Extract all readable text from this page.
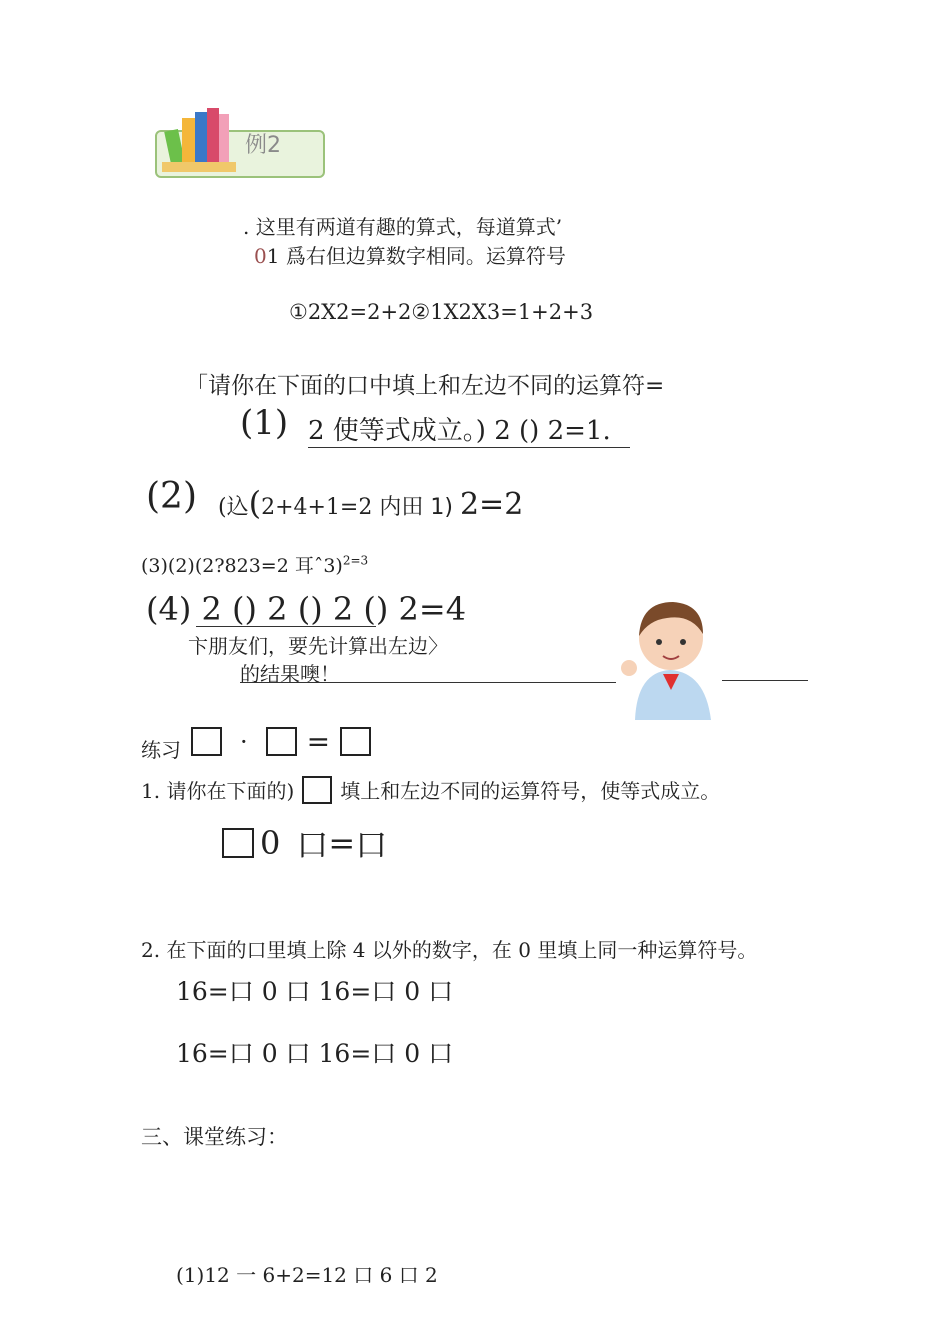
例2
. 这里有两道有趣的算式，每道算式’
01 爲右但边算数字相同。运算符号
①2X2=2+2②1X2X3=1+2+3
「请你在下面的口中填上和左边不同的运算符=
(1) 2 使等式成立。) 2 () 2=1.
(2) (込(2+4+1=2 内田 1) 2=2
(3)(2)(2?823=2 耳ˆ3)$^{2=3}$
(4) 2 () 2 () 2 () 2=4
卞朋友们，要先计算出左边〉
的结果噢！
练习 · =
1. 请你在下面的) 填上和左边不同的运算符号，使等式成立。
0 口 = 口
2. 在下面的口里填上除 4 以外的数字，在 0 里填上同一种运算符号。
16=口 0 口 16=口 0 口
16=口 0 口 16=口 0 口
三、课堂练习：
(1)12 一 6+2=12 口 6 口 2
